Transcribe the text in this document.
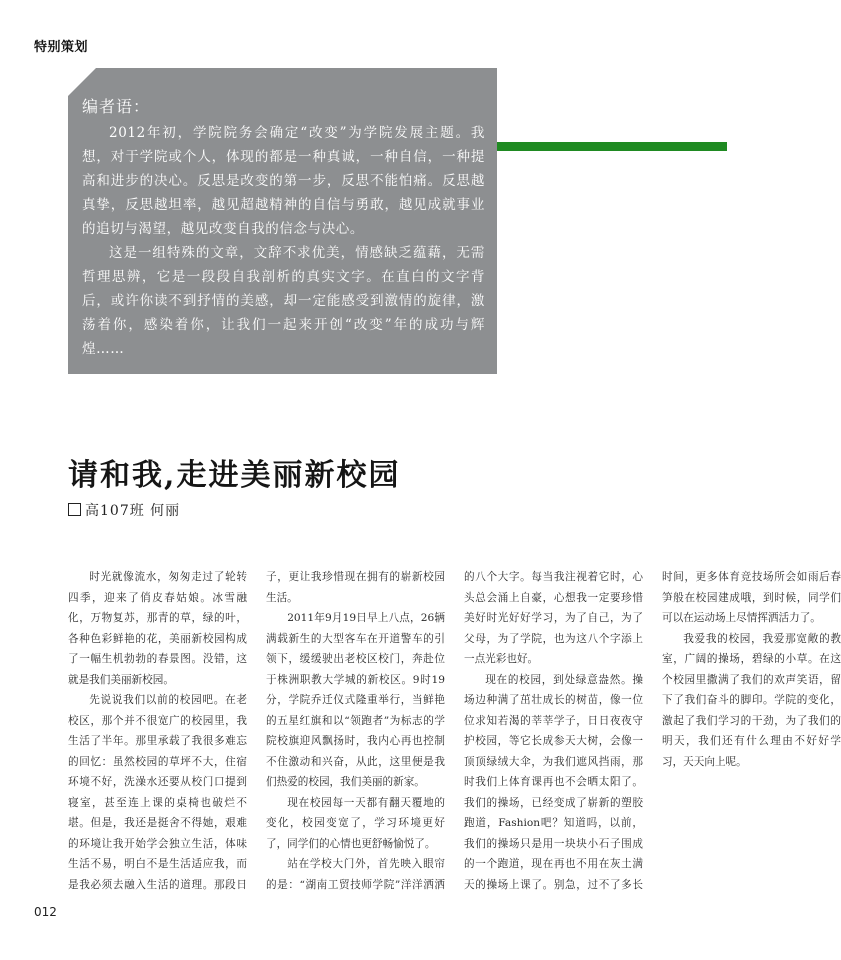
特别策划
编者语：

2012年初，学院院务会确定“改变”为学院发展主题。我想，对于学院或个人，体现的都是一种真诚，一种自信，一种提高和进步的决心。反思是改变的第一步，反思不能怕痛。反思越真挚，反思越坦率，越见超越精神的自信与勇敢，越见成就事业的追切与渴望，越见改变自我的信念与决心。

这是一组特殊的文章，文辞不求优美，情感缺乏蕴藉，无需哲理思辨，它是一段段自我剖析的真实文字。在直白的文字背后，或许你读不到抒情的美感，却一定能感受到激情的旋律，激荡着你，感染着你，让我们一起来开创“改变”年的成功与辉煌……

请和我,走进美丽新校园
高107班 何丽

时光就像流水，匆匆走过了轮转四季，迎来了俏皮春姑娘。冰雪融化，万物复苏，那青的草，绿的叶，各种色彩鲜艳的花，美丽新校园构成了一幅生机勃勃的春景图。没错，这就是我们美丽新校园。

先说说我们以前的校园吧。在老校区，那个并不很宽广的校园里，我生活了半年。那里承载了我很多难忘的回忆：虽然校园的草坪不大，住宿环境不好，洗澡水还要从校门口提到寝室，甚至连上课的桌椅也破烂不堪。但是，我还是挺舍不得她，艰难的环境让我开始学会独立生活，体味生活不易，明白不是生活适应我，而是我必须去融入生活的道理。那段日子，更让我珍惜现在拥有的崭新校园生活。

2011年9月19日早上八点，26辆满载新生的大型客车在开道警车的引领下，缓缓驶出老校区校门，奔赴位于株洲职教大学城的新校区。9时19分，学院乔迁仪式隆重举行，当鲜艳的五星红旗和以“领跑者”为标志的学院校旗迎风飘扬时，我内心再也控制不住激动和兴奋，从此，这里便是我们热爱的校园，我们美丽的新家。

现在校园每一天都有翻天覆地的变化，校园变宽了，学习环境更好了，同学们的心情也更舒畅愉悦了。

站在学校大门外，首先映入眼帘的是：“湖南工贸技师学院”洋洋洒洒的八个大字。每当我注视着它时，心头总会涌上自豪，心想我一定要珍惜美好时光好好学习，为了自己，为了父母，为了学院，也为这八个字添上一点光彩也好。

现在的校园，到处绿意盎然。操场边种满了茁壮成长的树苗，像一位位求知若渴的莘莘学子，日日夜夜守护校园，等它长成参天大树，会像一顶顶绿绒大伞，为我们遮风挡雨，那时我们上体育课再也不会晒太阳了。我们的操场，已经变成了崭新的塑胶跑道，Fashion吧？知道吗，以前，我们的操场只是用一块块小石子围成的一个跑道，现在再也不用在灰土满天的操场上课了。别急，过不了多长时间，更多体育竞技场所会如雨后春笋般在校园建成哦，到时候，同学们可以在运动场上尽情挥洒活力了。

我爱我的校园，我爱那宽敞的教室，广阔的操场，碧绿的小草。在这个校园里撒满了我们的欢声笑语，留下了我们奋斗的脚印。学院的变化，激起了我们学习的干劲，为了我们的明天，我们还有什么理由不好好学习，天天向上呢。

012
